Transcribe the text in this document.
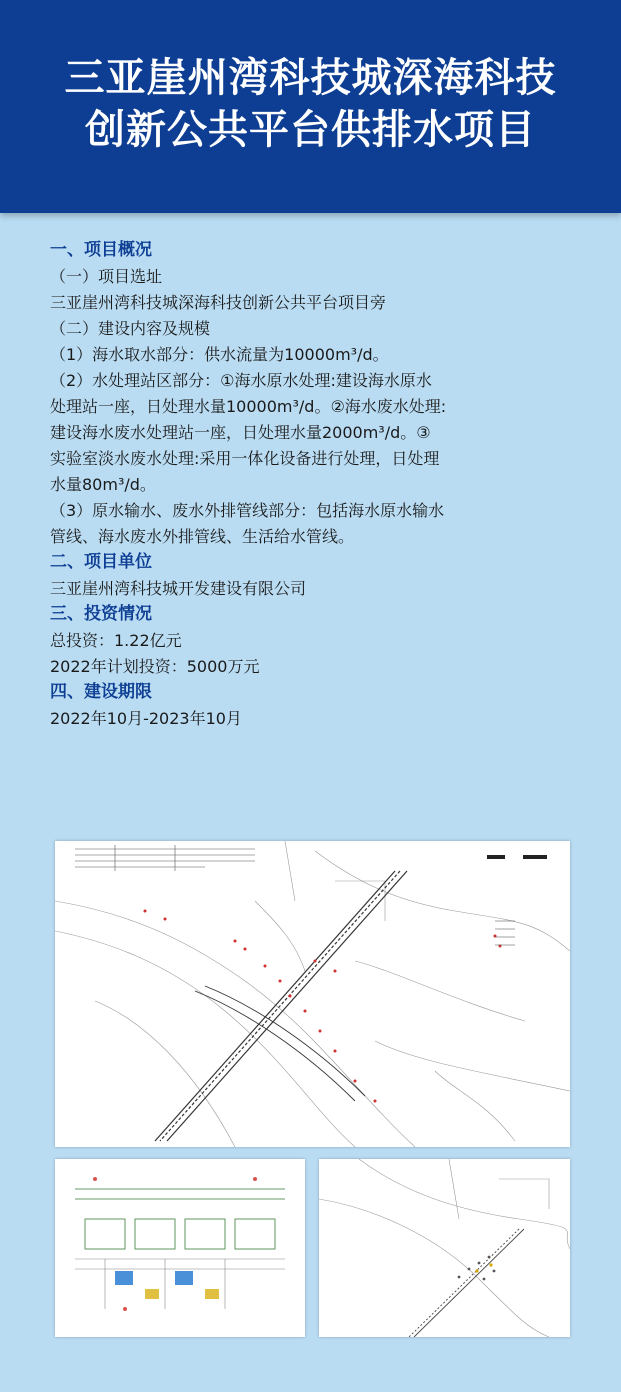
三亚崖州湾科技城深海科技
创新公共平台供排水项目

一、项目概况

（一）项目选址

三亚崖州湾科技城深海科技创新公共平台项目旁

（二）建设内容及规模

（1）海水取水部分：供水流量为10000m³/d。

（2）水处理站区部分：①海水原水处理:建设海水原水

处理站一座，日处理水量10000m³/d。②海水废水处理:

建设海水废水处理站一座，日处理水量2000m³/d。③

实验室淡水废水处理:采用一体化设备进行处理，日处理

水量80m³/d。

（3）原水输水、废水外排管线部分：包括海水原水输水

管线、海水废水外排管线、生活给水管线。

二、项目单位

三亚崖州湾科技城开发建设有限公司

三、投资情况

总投资：1.22亿元

2022年计划投资：5000万元

四、建设期限

2022年10月-2023年10月
